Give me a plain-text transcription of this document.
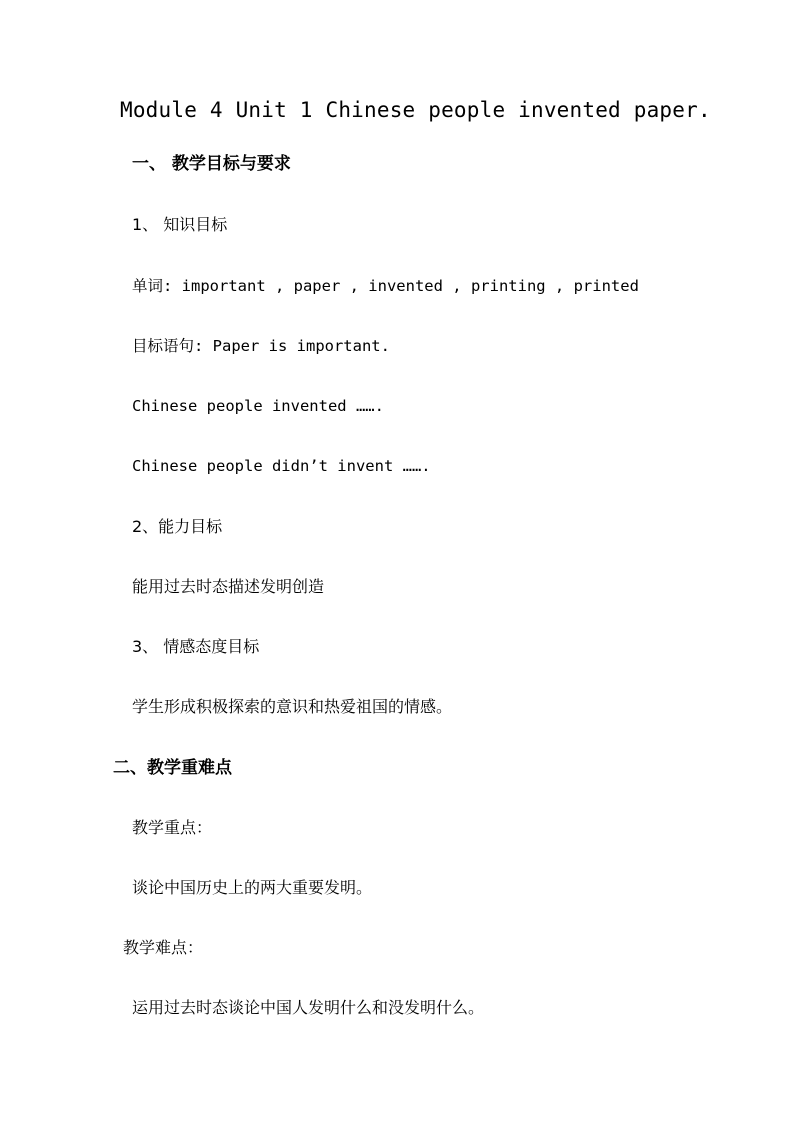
Module 4 Unit 1 Chinese people invented paper.
一、 教学目标与要求
1、 知识目标
单词: important , paper , invented , printing , printed
目标语句: Paper is important.
Chinese people invented …….
Chinese people didn’t invent …….
2、能力目标
能用过去时态描述发明创造
3、 情感态度目标
学生形成积极探索的意识和热爱祖国的情感。
二、教学重难点
教学重点：
谈论中国历史上的两大重要发明。
教学难点：
运用过去时态谈论中国人发明什么和没发明什么。
